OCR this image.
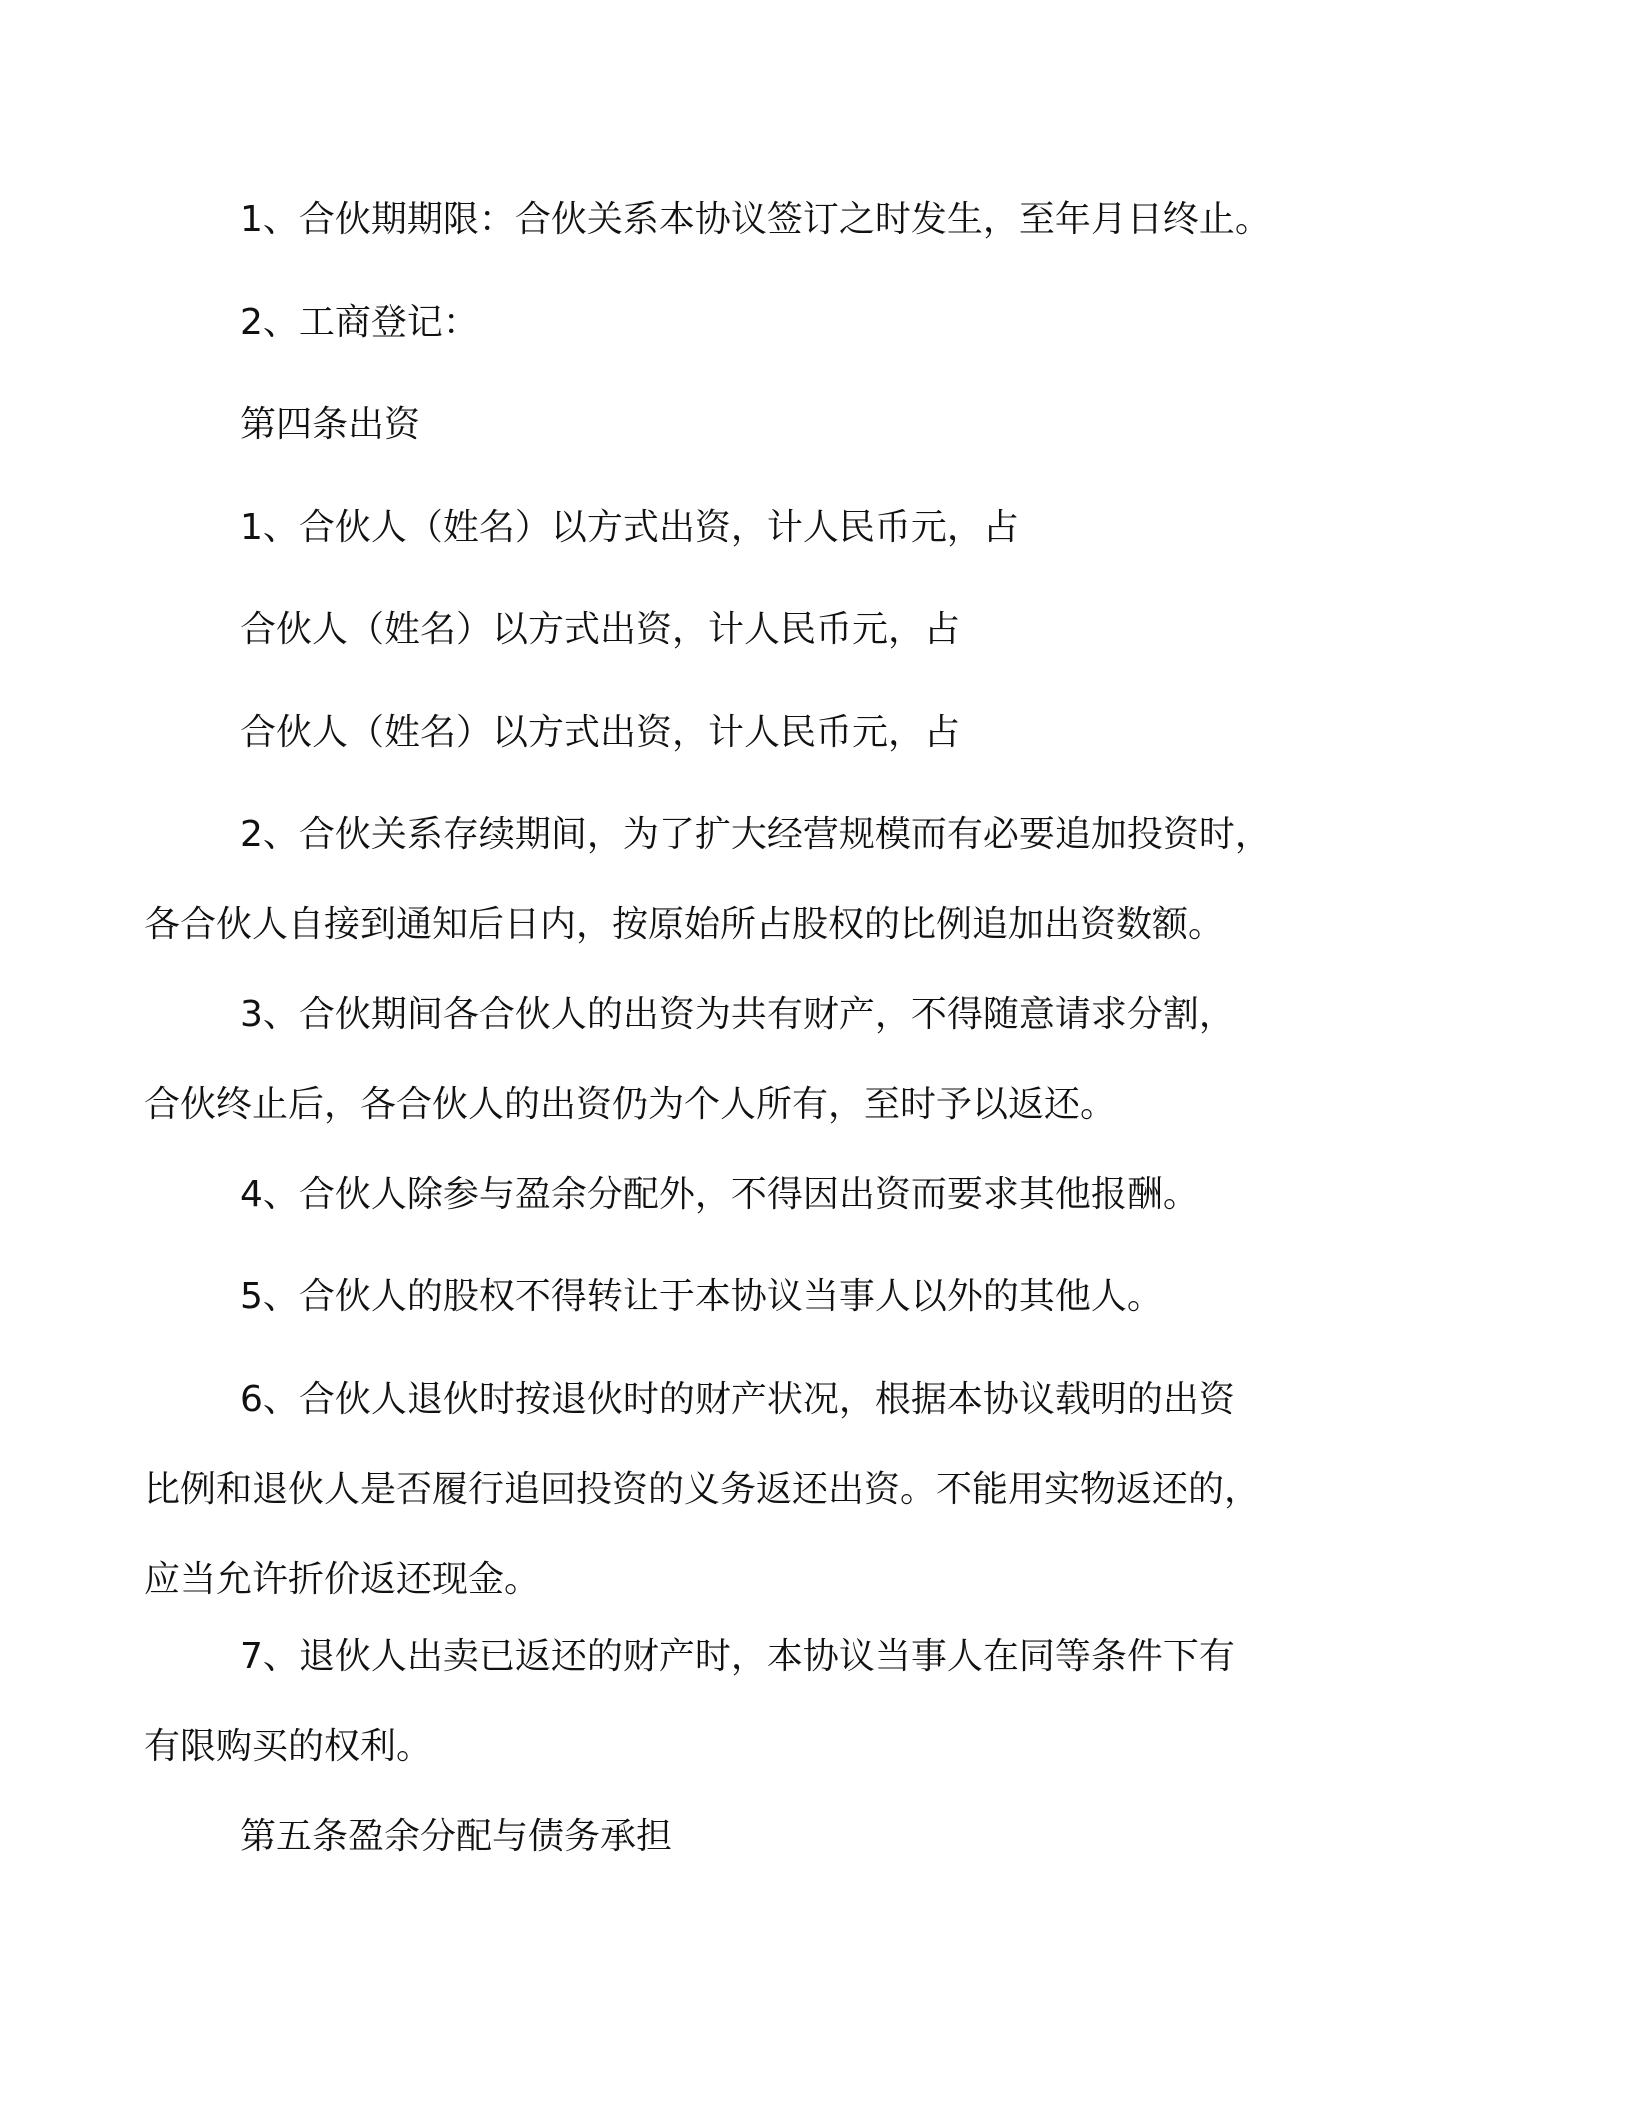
1、合伙期期限：合伙关系本协议签订之时发生，至年月日终止。

2、工商登记：

第四条出资

1、合伙人（姓名）以方式出资，计人民币元，占

合伙人（姓名）以方式出资，计人民币元，占

合伙人（姓名）以方式出资，计人民币元，占

2、合伙关系存续期间，为了扩大经营规模而有必要追加投资时，
各合伙人自接到通知后日内，按原始所占股权的比例追加出资数额。

3、合伙期间各合伙人的出资为共有财产，不得随意请求分割，
合伙终止后，各合伙人的出资仍为个人所有，至时予以返还。

4、合伙人除参与盈余分配外，不得因出资而要求其他报酬。

5、合伙人的股权不得转让于本协议当事人以外的其他人。

6、合伙人退伙时按退伙时的财产状况，根据本协议载明的出资
比例和退伙人是否履行追回投资的义务返还出资。不能用实物返还的，
应当允许折价返还现金。

7、退伙人出卖已返还的财产时，本协议当事人在同等条件下有
有限购买的权利。

第五条盈余分配与债务承担
